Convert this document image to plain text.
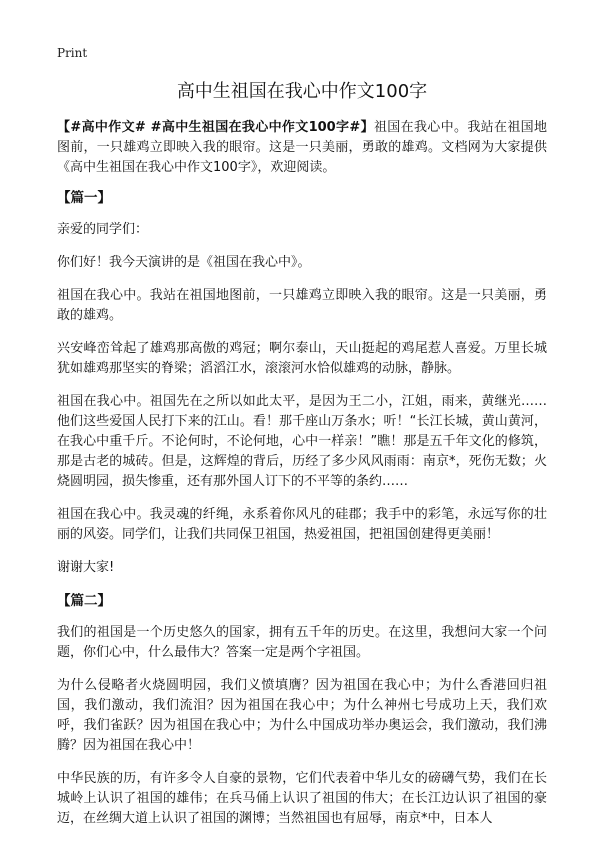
Print
高中生祖国在我心中作文100字

【#高中作文# #高中生祖国在我心中作文100字#】祖国在我心中。我站在祖国地图前，一只雄鸡立即映入我的眼帘。这是一只美丽，勇敢的雄鸡。文档网为大家提供《高中生祖国在我心中作文100字》，欢迎阅读。

【篇一】

亲爱的同学们：

你们好！我今天演讲的是《祖国在我心中》。

祖国在我心中。我站在祖国地图前，一只雄鸡立即映入我的眼帘。这是一只美丽，勇敢的雄鸡。

兴安峰峦耸起了雄鸡那高傲的鸡冠；啊尔泰山，天山挺起的鸡尾惹人喜爱。万里长城犹如雄鸡那坚实的脊梁；滔滔江水，滚滚河水恰似雄鸡的动脉，静脉。

祖国在我心中。祖国先在之所以如此太平，是因为王二小，江姐，雨来，黄继光……他们这些爱国人民打下来的江山。看！那千座山万条水；听！“长江长城，黄山黄河，在我心中重千斤。不论何时，不论何地，心中一样亲！”瞧！那是五千年文化的修筑，那是古老的城砖。但是，这辉煌的背后，历经了多少风风雨雨：南京*，死伤无数；火烧圆明园，损失惨重，还有那外国人订下的不平等的条约……

祖国在我心中。我灵魂的纤绳，永系着你风凡的硅郡；我手中的彩笔，永远写你的壮丽的风姿。同学们，让我们共同保卫祖国，热爱祖国，把祖国创建得更美丽！

谢谢大家!

【篇二】

我们的祖国是一个历史悠久的国家，拥有五千年的历史。在这里，我想问大家一个问题，你们心中，什么最伟大？答案一定是两个字祖国。

为什么侵略者火烧圆明园，我们义愤填膺？因为祖国在我心中；为什么香港回归祖国，我们激动，我们流泪？因为祖国在我心中；为什么神州七号成功上天，我们欢呼，我们雀跃？因为祖国在我心中；为什么中国成功举办奥运会，我们激动，我们沸腾？因为祖国在我心中！

中华民族的历，有许多令人自豪的景物，它们代表着中华儿女的磅礴气势，我们在长城岭上认识了祖国的雄伟；在兵马俑上认识了祖国的伟大；在长江边认识了祖国的豪迈，在丝绸大道上认识了祖国的渊博；当然祖国也有屈辱，南京*中，日本人
